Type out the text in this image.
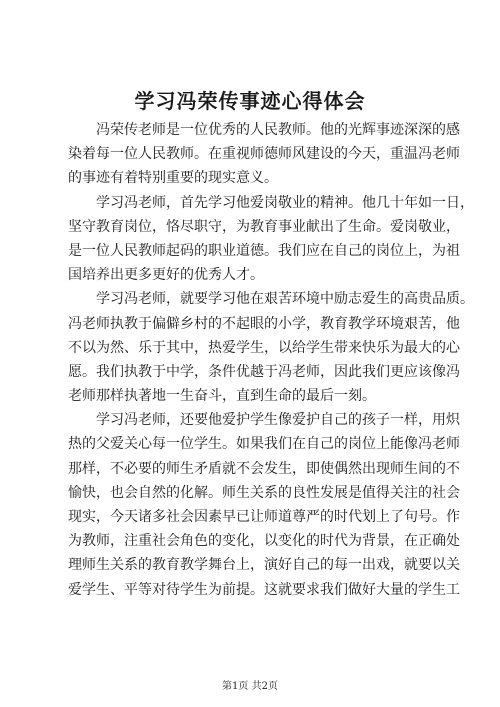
学习冯荣传事迹心得体会
冯荣传老师是一位优秀的人民教师。他的光辉事迹深深的感
染着每一位人民教师。在重视师德师风建设的今天，重温冯老师
的事迹有着特别重要的现实意义。
学习冯老师，首先学习他爱岗敬业的精神。他几十年如一日，
坚守教育岗位，恪尽职守，为教育事业献出了生命。爱岗敬业，
是一位人民教师起码的职业道德。我们应在自己的岗位上，为祖
国培养出更多更好的优秀人才。
学习冯老师，就要学习他在艰苦环境中励志爱生的高贵品质。
冯老师执教于偏僻乡村的不起眼的小学，教育教学环境艰苦，他
不以为然、乐于其中，热爱学生，以给学生带来快乐为最大的心
愿。我们执教于中学，条件优越于冯老师，因此我们更应该像冯
老师那样执著地一生奋斗，直到生命的最后一刻。
学习冯老师，还要他爱护学生像爱护自己的孩子一样，用炽
热的父爱关心每一位学生。如果我们在自己的岗位上能像冯老师
那样，不必要的师生矛盾就不会发生，即使偶然出现师生间的不
愉快，也会自然的化解。师生关系的良性发展是值得关注的社会
现实，今天诸多社会因素早已让师道尊严的时代划上了句号。作
为教师，注重社会角色的变化，以变化的时代为背景，在正确处
理师生关系的教育教学舞台上，演好自己的每一出戏，就要以关
爱学生、平等对待学生为前提。这就要求我们做好大量的学生工
第1页 共2页
